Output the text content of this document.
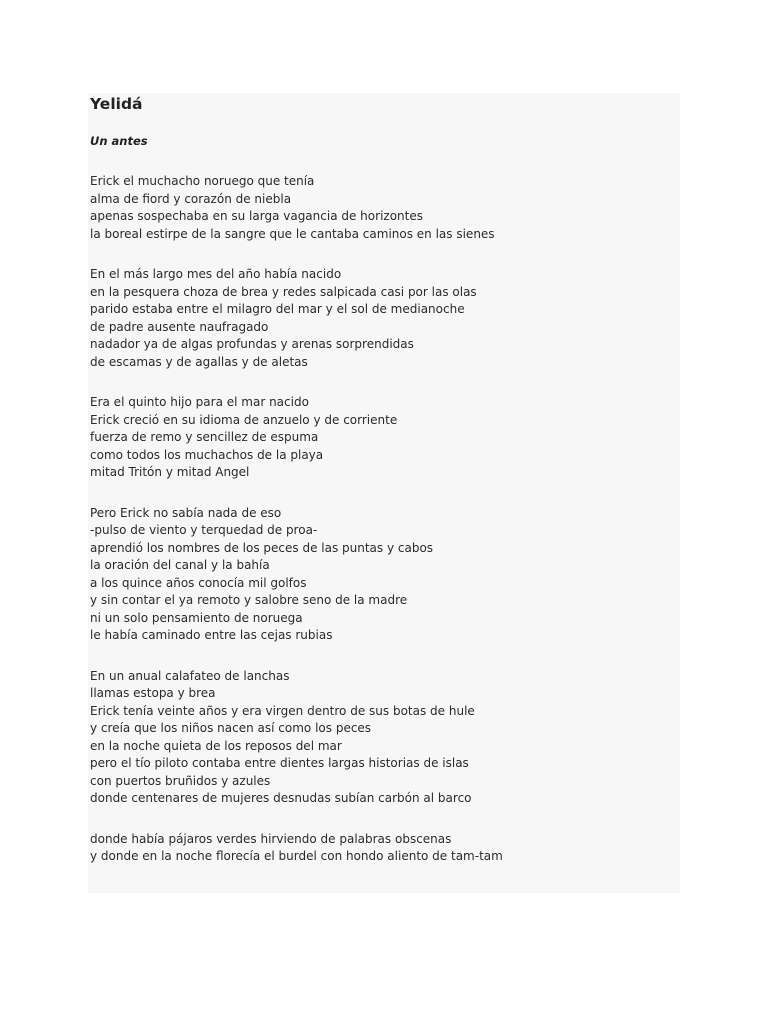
Yelidá
Un antes

Erick el muchacho noruego que tenía
alma de fiord y corazón de niebla
apenas sospechaba en su larga vagancia de horizontes
la boreal estirpe de la sangre que le cantaba caminos en las sienes

En el más largo mes del año había nacido
en la pesquera choza de brea y redes salpicada casi por las olas
parido estaba entre el milagro del mar y el sol de medianoche
de padre ausente naufragado
nadador ya de algas profundas y arenas sorprendidas
de escamas y de agallas y de aletas

Era el quinto hijo para el mar nacido
Erick creció en su idioma de anzuelo y de corriente
fuerza de remo y sencillez de espuma
como todos los muchachos de la playa
mitad Tritón y mitad Angel

Pero Erick no sabía nada de eso
-pulso de viento y terquedad de proa-
aprendió los nombres de los peces de las puntas y cabos
la oración del canal y la bahía
a los quince años conocía mil golfos
y sin contar el ya remoto y salobre seno de la madre
ni un solo pensamiento de noruega
le había caminado entre las cejas rubias

En un anual calafateo de lanchas
llamas estopa y brea
Erick tenía veinte años y era virgen dentro de sus botas de hule
y creía que los niños nacen así como los peces
en la noche quieta de los reposos del mar
pero el tío piloto contaba entre dientes largas historias de islas
con puertos bruñidos y azules
donde centenares de mujeres desnudas subían carbón al barco

donde había pájaros verdes hirviendo de palabras obscenas
y donde en la noche florecía el burdel con hondo aliento de tam-tam
